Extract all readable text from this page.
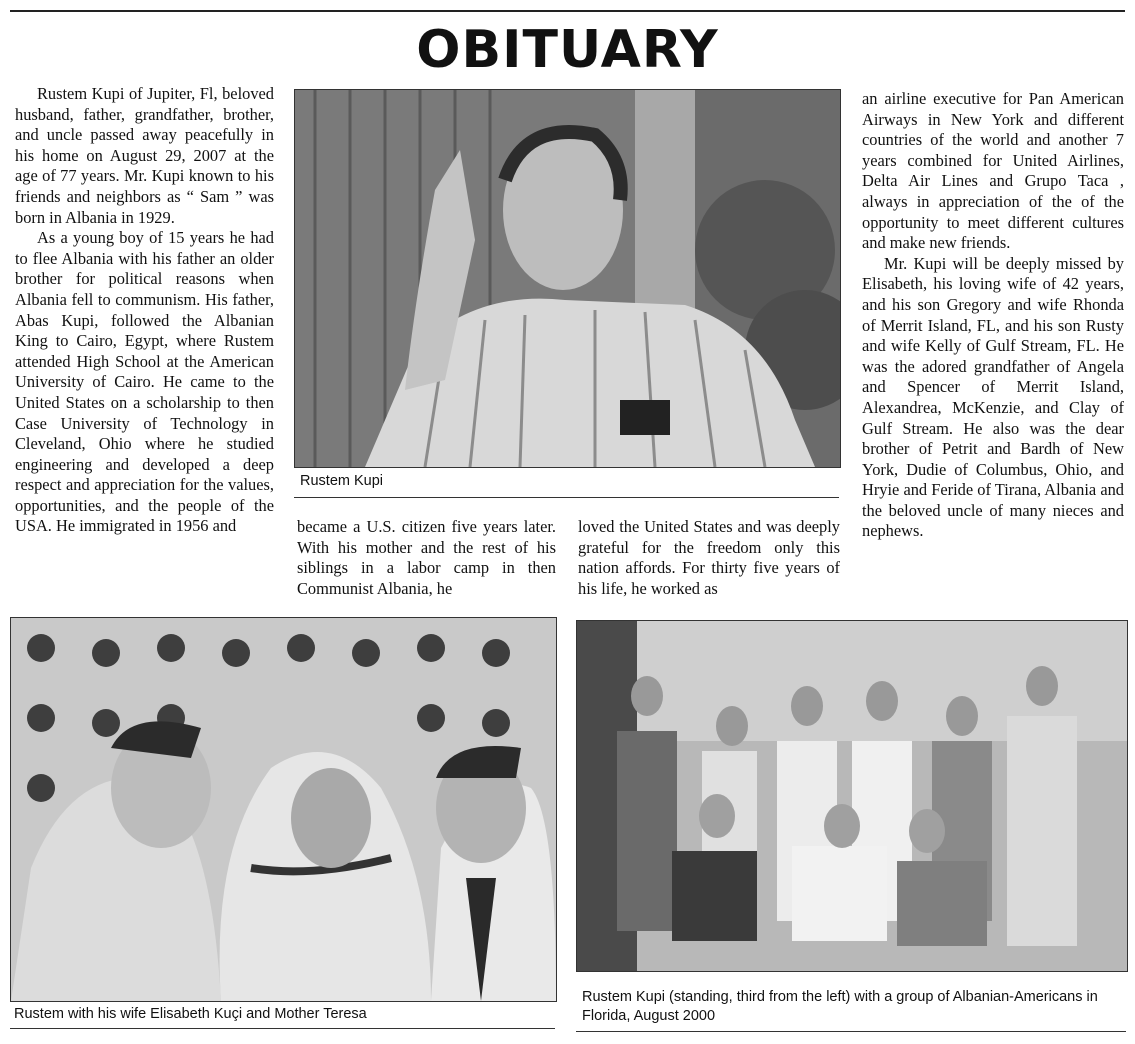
OBITUARY

Rustem Kupi of Jupiter, Fl, beloved husband, father, grandfather, brother, and uncle passed away peacefully in his home on August 29, 2007 at the age of 77 years. Mr. Kupi known to his friends and neighbors as “ Sam ” was born in Albania in 1929.

As a young boy of 15 years he had to flee Albania with his father an older brother for political reasons when Albania fell to communism. His father, Abas Kupi, followed the Albanian King to Cairo, Egypt, where Rustem attended High School at the American University of Cairo. He came to the United States on a scholarship to then Case University of Technology in Cleveland, Ohio where he studied engineering and developed a deep respect and appreciation for the values, opportunities, and the people of the USA. He immigrated in 1956 and

Rustem Kupi

became a U.S. citizen five years later. With his mother and the rest of his siblings in a labor camp in then Communist Albania, he

loved the United States and was deeply grateful for the freedom only this nation affords. For thirty five years of his life, he worked as

an airline executive for Pan American Airways in New York and different countries of the world and another 7 years combined for United Airlines, Delta Air Lines and Grupo Taca , always in appreciation of the of the opportunity to meet different cultures and make new friends.

Mr. Kupi will be deeply missed by Elisabeth, his loving wife of 42 years, and his son Gregory and wife Rhonda of Merrit Island, FL, and his son Rusty and wife Kelly of Gulf Stream, FL. He was the adored grandfather of Angela and Spencer of Merrit Island, Alexandrea, McKenzie, and Clay of Gulf Stream. He also was the dear brother of Petrit and Bardh of New York, Dudie of Columbus, Ohio, and Hryie and Feride of Tirana, Albania and the beloved uncle of many nieces and nephews.

Rustem with his wife Elisabeth Kuçi and Mother Teresa
Rustem Kupi (standing, third from the left) with a group of Albanian-Americans in Florida, August 2000
